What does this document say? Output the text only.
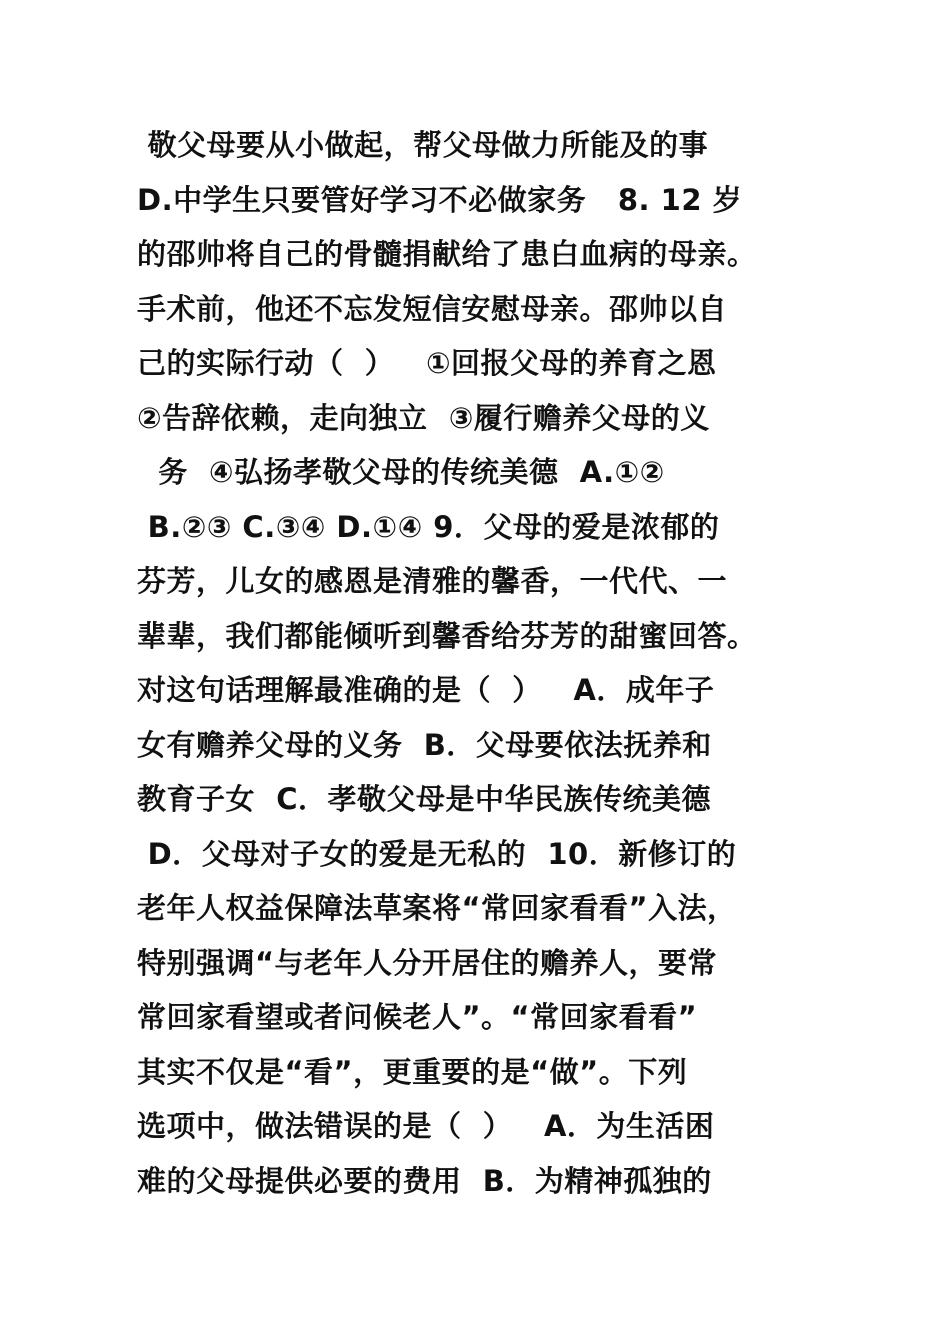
敬父母要从小做起，帮父母做力所能及的事
D.中学生只要管好学习不必做家务   8. 12 岁
的邵帅将自己的骨髓捐献给了患白血病的母亲。
手术前，他还不忘发短信安慰母亲。邵帅以自
己的实际行动（  ）   ①回报父母的养育之恩
②告辞依赖，走向独立  ③履行赡养父母的义
务  ④弘扬孝敬父母的传统美德  A.①②
B.②③ C.③④ D.①④ 9．父母的爱是浓郁的
芬芳，儿女的感恩是清雅的馨香，一代代、一
辈辈，我们都能倾听到馨香给芬芳的甜蜜回答。
对这句话理解最准确的是（  ）   A．成年子
女有赡养父母的义务  B．父母要依法抚养和
教育子女  C．孝敬父母是中华民族传统美德
D．父母对子女的爱是无私的  10．新修订的
老年人权益保障法草案将“常回家看看”入法，
特别强调“与老年人分开居住的赡养人，要常
常回家看望或者问候老人”。“常回家看看”
其实不仅是“看”，更重要的是“做”。下列
选项中，做法错误的是（  ）   A．为生活困
难的父母提供必要的费用  B．为精神孤独的
